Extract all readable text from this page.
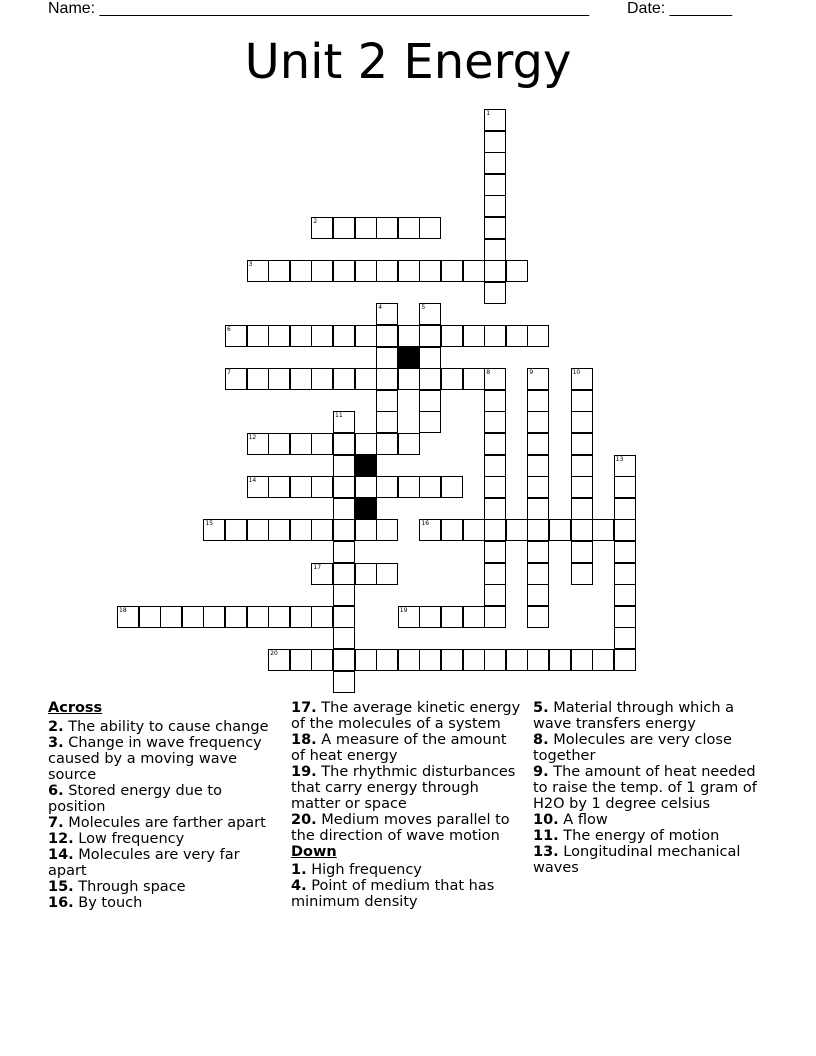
Name: _______________________________________________________ Date: _______
Unit 2 Energy
2
3
6
7
12
14
15	16
17
18	19
20
1
4	5
8	9	10
11
13
Across
2. The ability to cause change
3. Change in wave frequency caused by a moving wave source
6. Stored energy due to position
7. Molecules are farther apart
12. Low frequency
14. Molecules are very far apart
15. Through space
16. By touch
17. The average kinetic energy of the molecules of a system
18. A measure of the amount of heat energy
19. The rhythmic disturbances that carry energy through matter or space
20. Medium moves parallel to the direction of wave motion
Down
1. High frequency
4. Point of medium that has minimum density
5. Material through which a wave transfers energy
8. Molecules are very close together
9. The amount of heat needed to raise the temp. of 1 gram of H2O by 1 degree celsius
10. A flow
11. The energy of motion
13. Longitudinal mechanical waves
